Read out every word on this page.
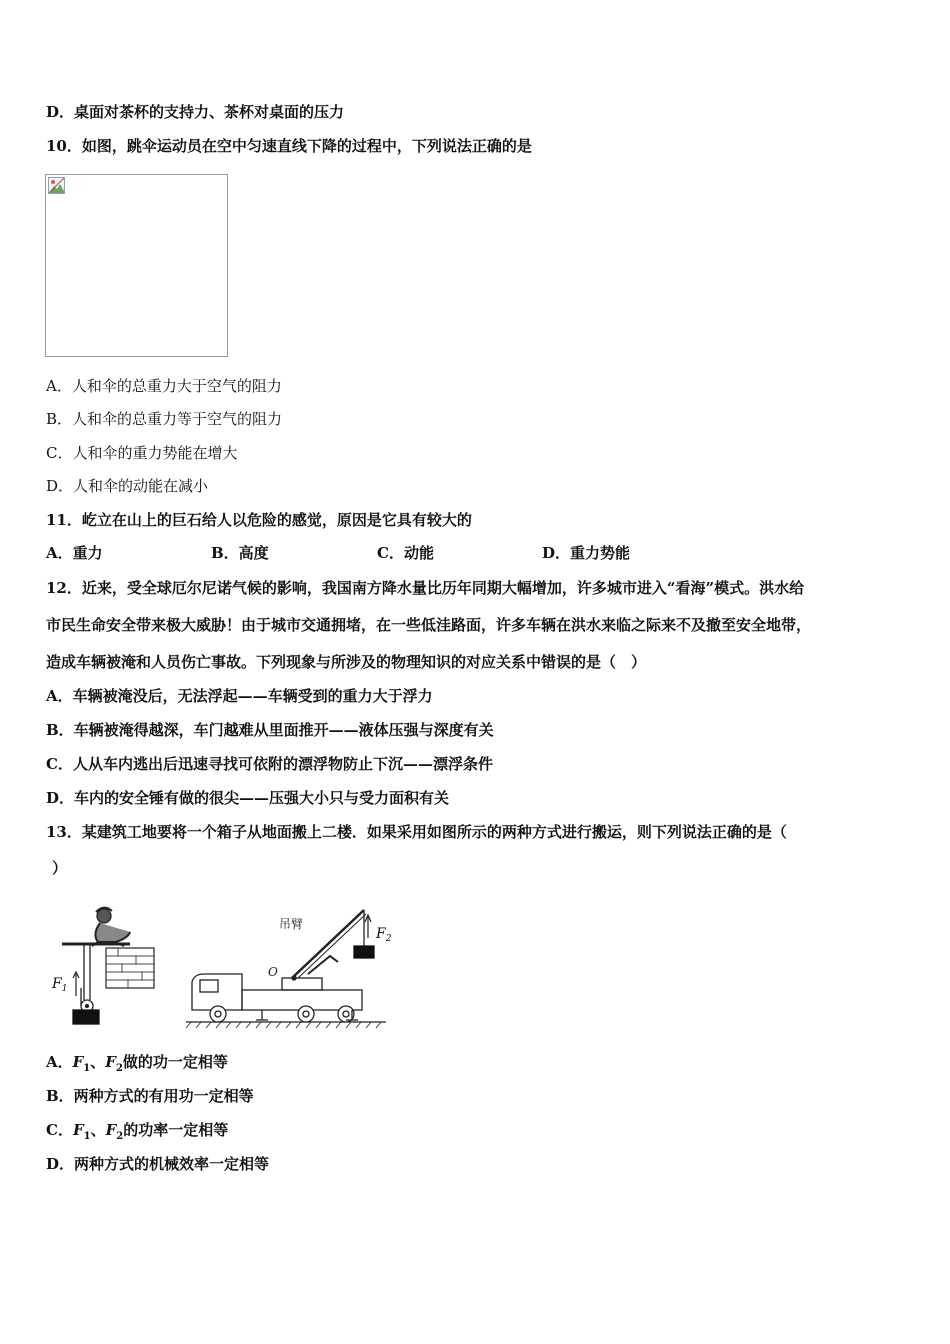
D．桌面对茶杯的支持力、茶杯对桌面的压力
10．如图，跳伞运动员在空中匀速直线下降的过程中，下列说法正确的是
A．人和伞的总重力大于空气的阻力
B．人和伞的总重力等于空气的阻力
C．人和伞的重力势能在增大
D．人和伞的动能在减小
11．屹立在山上的巨石给人以危险的感觉，原因是它具有较大的
A．重力	B．高度	C．动能	D．重力势能
12．近来，受全球厄尔尼诺气候的影响，我国南方降水量比历年同期大幅增加，许多城市进入“看海”模式。洪水给
市民生命安全带来极大威胁！由于城市交通拥堵，在一些低洼路面，许多车辆在洪水来临之际来不及撤至安全地带，
造成车辆被淹和人员伤亡事故。下列现象与所涉及的物理知识的对应关系中错误的是（　）
A．车辆被淹没后，无法浮起——车辆受到的重力大于浮力
B．车辆被淹得越深，车门越难从里面推开——液体压强与深度有关
C．人从车内逃出后迅速寻找可依附的漂浮物防止下沉——漂浮条件
D．车内的安全锤有做的很尖——压强大小只与受力面积有关
13．某建筑工地要将一个箱子从地面搬上二楼．如果采用如图所示的两种方式进行搬运，则下列说法正确的是（
）
$F_1$
吊臂
O
$F_2$
A．$F_1$、$F_2$做的功一定相等
B．两种方式的有用功一定相等
C．$F_1$、$F_2$的功率一定相等
D．两种方式的机械效率一定相等
